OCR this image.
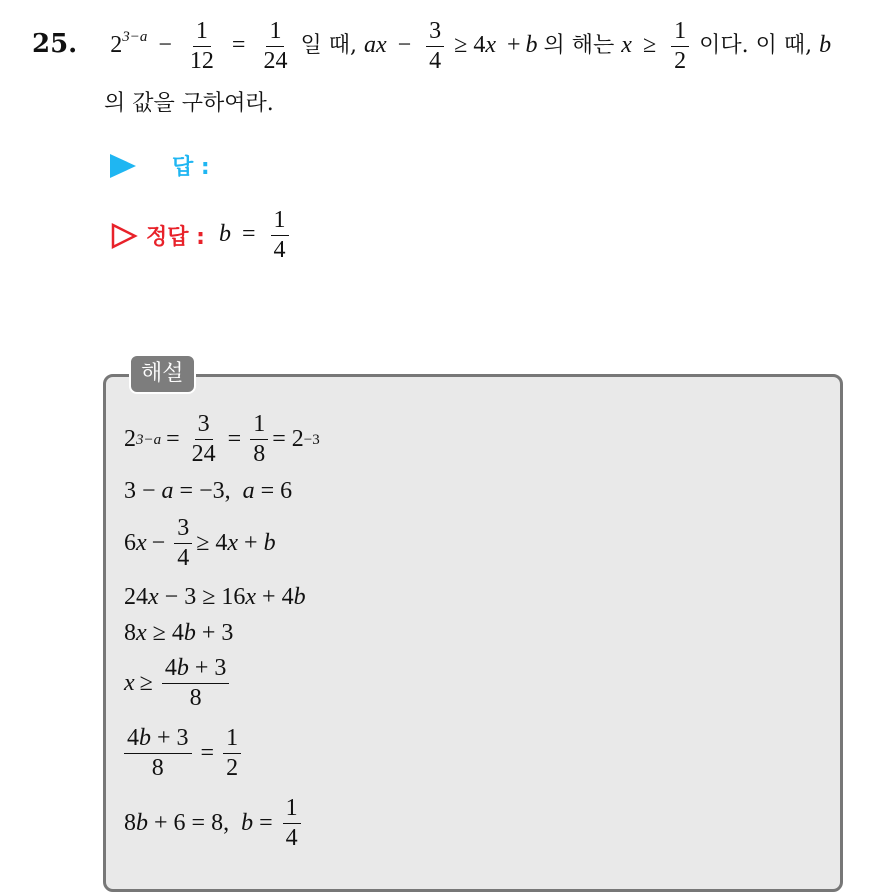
25. $2^{3-a} - \frac{1}{12} = \frac{1}{24}$ 일 때, ax − $\frac{3}{4} \ge 4x + b$ 의 해는 $x \ge \frac{1}{2}$ 이다. 이 때, b
의 값을 구하여라.
답 :
정답 : $b = \frac{1}{4}$
해설
2 $3-a = \frac{3}{24} = \frac{1}{8} = 2 -3$
3 − a = −3, a = 6
6 $x - \frac{3}{4} \ge 4$ x + b
24 x − 3 ≥ 16 x + 4 b
8 x ≥ 4 b + 3
$x \ge \frac{4b + 3}{8}$
$\frac{4b + 3}{8} = \frac{1}{2}$
8 b + 6 = 8, $b = \frac{1}{4}$
